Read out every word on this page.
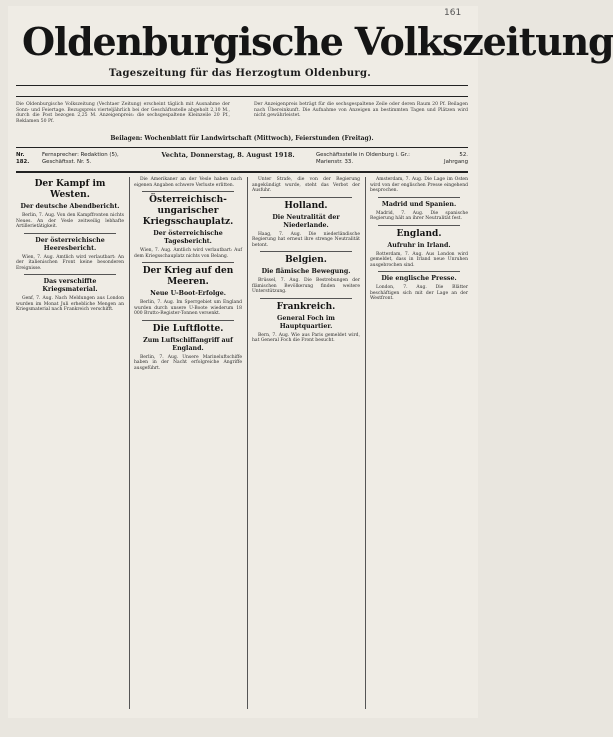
161
Oldenburgische Volkszeitung
Tageszeitung für das Herzogtum Oldenburg.
Die Oldenburgische Volkszeitung (Vechtaer Zeitung) erscheint täglich mit Ausnahme der Sonn- und Feiertage. Bezugspreis vierteljährlich bei der Geschäftsstelle abgeholt 2,10 M., durch die Post bezogen 2,25 M. Anzeigenpreis: die sechsgespaltene Kleinzeile 20 Pf., Reklamen 50 Pf.
Der Anzeigenpreis beträgt für die sechsgespaltene Zeile oder deren Raum 20 Pf. Beilagen nach Übereinkunft. Die Aufnahme von Anzeigen an bestimmten Tagen und Plätzen wird nicht gewährleistet.
Beilagen: Wochenblatt für Landwirtschaft (Mittwoch), Feierstunden (Freitag).
Nr. 182.
Fernsprecher: Redaktion (5), Geschäftsst. Nr. 5.
Vechta, Donnerstag, 8. August 1918.	Geschäftsstelle in Oldenburg i. Gr.: Marienstr. 33.
52. Jahrgang
Der Kampf im Westen.
Der deutsche Abendbericht.

Berlin, 7. Aug. Von den Kampffronten nichts Neues. An der Vesle zeitweilig lebhafte Artillerietätigkeit.

Der österreichische Heeresbericht.

Wien, 7. Aug. Amtlich wird verlautbart: An der italienischen Front keine besonderen Ereignisse.

Das verschiffte Kriegsmaterial.

Genf, 7. Aug. Nach Meldungen aus London wurden im Monat Juli erhebliche Mengen an Kriegsmaterial nach Frankreich verschifft.

Die Amerikaner an der Vesle haben nach eigenen Angaben schwere Verluste erlitten.

Österreichisch-ungarischer Kriegsschauplatz.
Der österreichische Tagesbericht.

Wien, 7. Aug. Amtlich wird verlautbart: Auf dem Kriegsschauplatz nichts von Belang.

Der Krieg auf den Meeren.
Neue U-Boot-Erfolge.

Berlin, 7. Aug. Im Sperrgebiet um England wurden durch unsere U-Boote wiederum 18 000 Brutto-Register-Tonnen versenkt.

Die Luftflotte.
Zum Luftschiffangriff auf England.

Berlin, 7. Aug. Unsere Marineluftschiffe haben in der Nacht erfolgreiche Angriffe ausgeführt.

Unter Strafe, die von der Regierung angekündigt wurde, steht das Verbot der Ausfuhr.

Holland.
Die Neutralität der Niederlande.

Haag, 7. Aug. Die niederländische Regierung hat erneut ihre strenge Neutralität betont.

Belgien.
Die flämische Bewegung.

Brüssel, 7. Aug. Die Bestrebungen der flämischen Bevölkerung finden weitere Unterstützung.

Frankreich.
General Foch im Hauptquartier.

Bern, 7. Aug. Wie aus Paris gemeldet wird, hat General Foch die Front besucht.

Amsterdam, 7. Aug. Die Lage im Osten wird von der englischen Presse eingehend besprochen.

Madrid und Spanien.

Madrid, 7. Aug. Die spanische Regierung hält an ihrer Neutralität fest.

England.
Aufruhr in Irland.

Rotterdam, 7. Aug. Aus London wird gemeldet, dass in Irland neue Unruhen ausgebrochen sind.

Die englische Presse.

London, 7. Aug. Die Blätter beschäftigen sich mit der Lage an der Westfront.
